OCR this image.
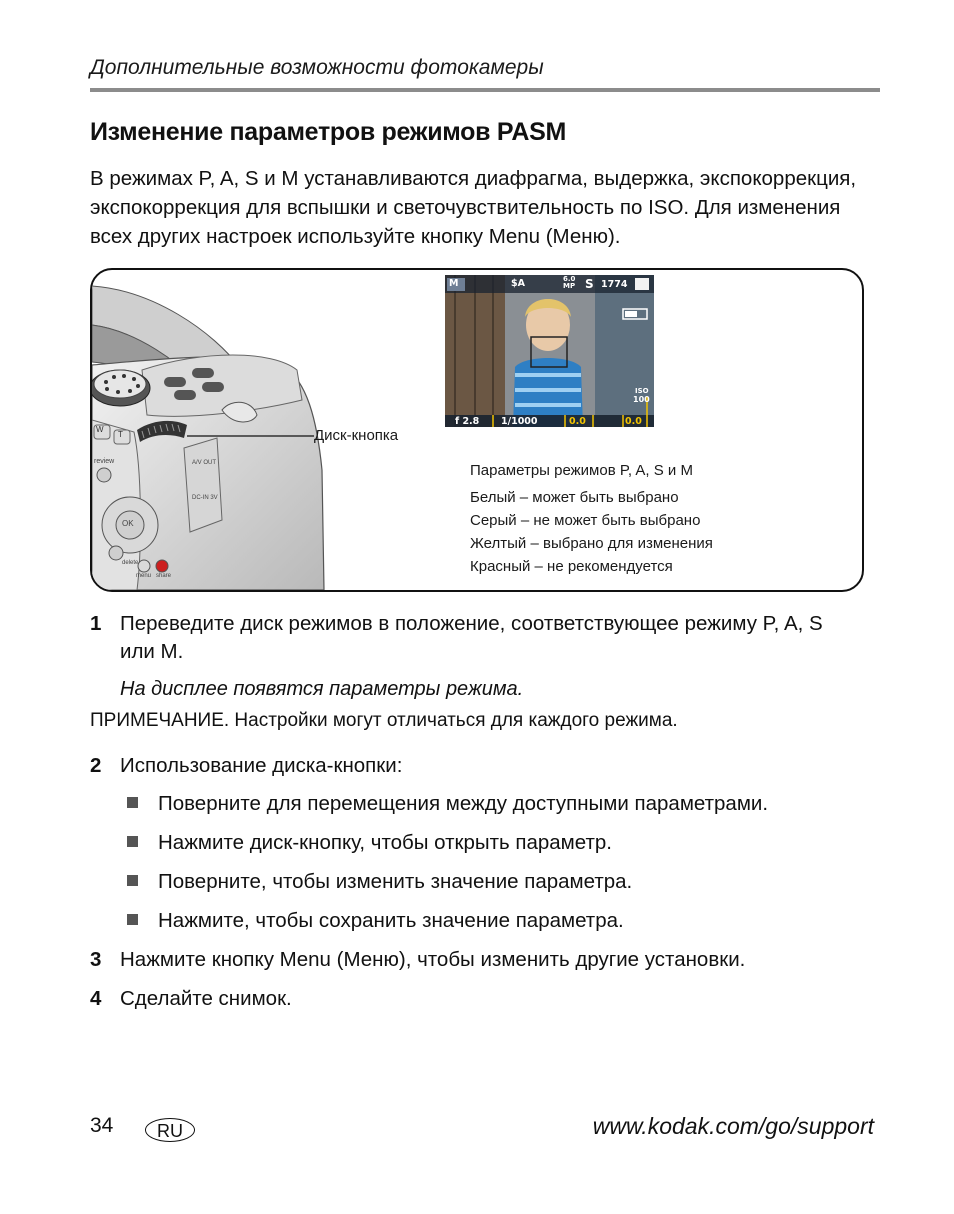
Дополнительные возможности фотокамеры
Изменение параметров режимов PASM
В режимах P, A, S и M устанавливаются диафрагма, выдержка, экспокоррекция,
экспокоррекция для вспышки и светочувствительность по ISO. Для изменения
всех других настроек используйте кнопку Menu (Меню).
W
T
review
OK
A/V OUT
DC-IN 3V
delete
menu share
Диск-кнопка
M	$A	6.0 MP S 1774
ISO
100
f 2.8 1/1000	0.0	0.0
Параметры режимов P, A, S и M
Белый – может быть выбрано
Серый – не может быть выбрано
Желтый – выбрано для изменения
Красный – не рекомендуется
1 Переведите диск режимов в положение, соответствующее режиму P, A, S
или M.
На дисплее появятся параметры режима.
ПРИМЕЧАНИЕ. Настройки могут отличаться для каждого режима.
2 Использование диска-кнопки:
Поверните для перемещения между доступными параметрами.
Нажмите диск-кнопку, чтобы открыть параметр.
Поверните, чтобы изменить значение параметра.
Нажмите, чтобы сохранить значение параметра.
3 Нажмите кнопку Menu (Меню), чтобы изменить другие установки.
4 Сделайте снимок.
34	RU	www.kodak.com/go/support
